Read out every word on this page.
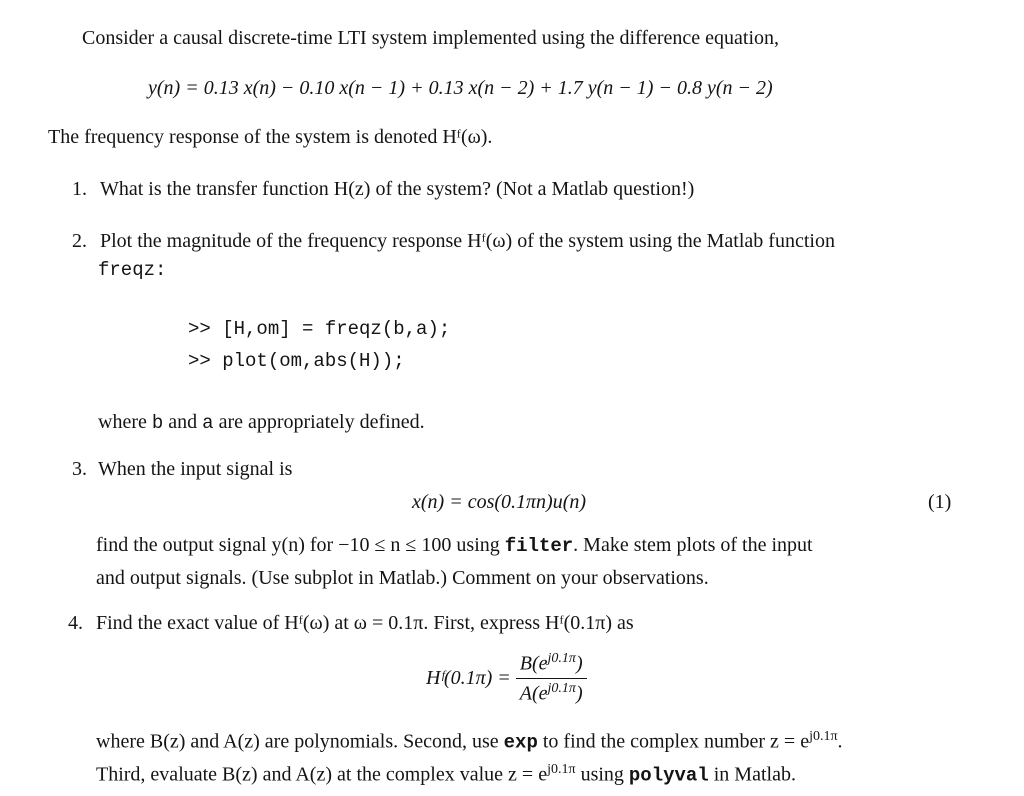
Consider a causal discrete-time LTI system implemented using the difference equation,
y(n) = 0.13 x(n) − 0.10 x(n − 1) + 0.13 x(n − 2) + 1.7 y(n − 1) − 0.8 y(n − 2)
The frequency response of the system is denoted Hᶠ(ω).
1. What is the transfer function H(z) of the system? (Not a Matlab question!)
2. Plot the magnitude of the frequency response Hᶠ(ω) of the system using the Matlab function
freqz:
>> [H,om] = freqz(b,a);
>> plot(om,abs(H));
where b and a are appropriately defined.
3. When the input signal is
x(n) = cos(0.1πn)u(n)	(1)
find the output signal y(n) for −10 ≤ n ≤ 100 using filter. Make stem plots of the input
and output signals. (Use subplot in Matlab.) Comment on your observations.
4. Find the exact value of Hᶠ(ω) at ω = 0.1π. First, express Hᶠ(0.1π) as
Hᶠ(0.1π) = $\frac{B(e^{j0.1\pi})}{A(e^{j0.1\pi})}$
where B(z) and A(z) are polynomials. Second, use exp to find the complex number $z = e^{j0.1\pi}$.
Third, evaluate B(z) and A(z) at the complex value $z = e^{j0.1\pi}$ using polyval in Matlab.
